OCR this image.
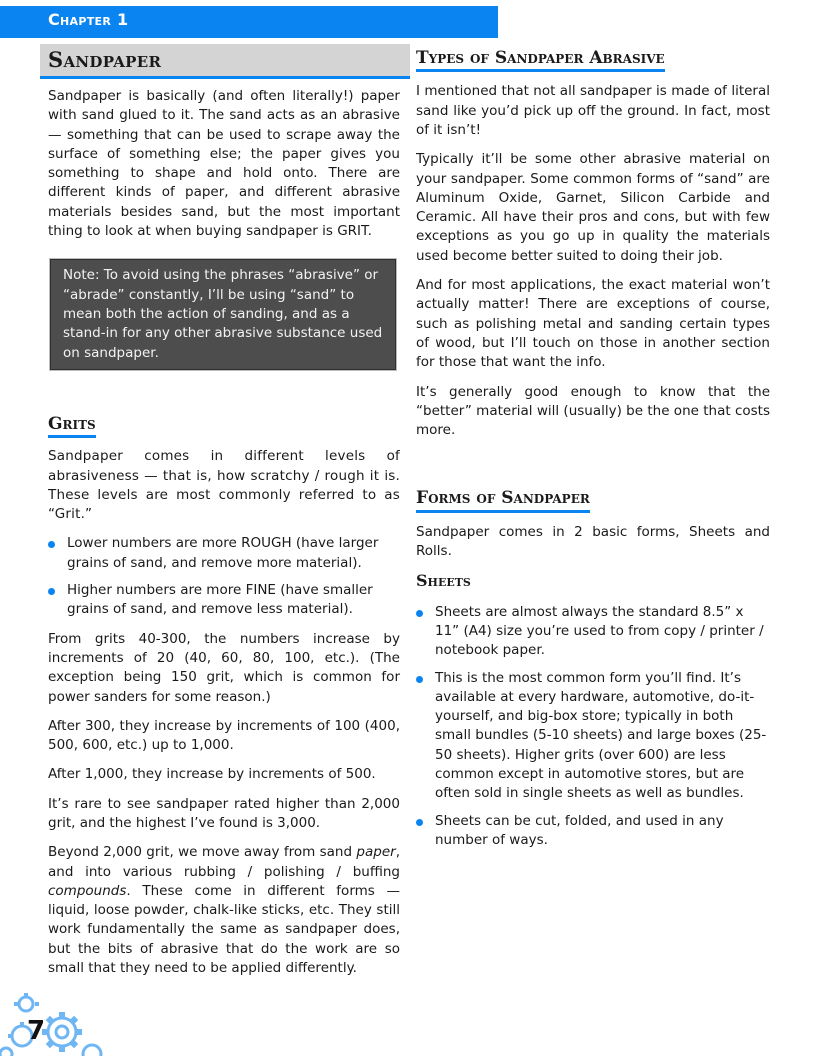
Chapter 1
Sandpaper

Sandpaper is basically (and often literally!) paper with sand glued to it. The sand acts as an abrasive — something that can be used to scrape away the surface of something else; the paper gives you something to shape and hold onto. There are different kinds of paper, and different abrasive materials besides sand, but the most important thing to look at when buying sandpaper is GRIT.

Note: To avoid using the phrases “abrasive” or “abrade” constantly, I’ll be using “sand” to mean both the action of sanding, and as a stand-in for any other abrasive substance used on sandpaper.
Grits

Sandpaper comes in different levels of abrasiveness — that is, how scratchy / rough it is. These levels are most commonly referred to as “Grit.”

Lower numbers are more ROUGH (have larger grains of sand, and remove more material).
Higher numbers are more FINE (have smaller grains of sand, and remove less material).

From grits 40-300, the numbers increase by increments of 20 (40, 60, 80, 100, etc.). (The exception being 150 grit, which is common for power sanders for some reason.)

After 300, they increase by increments of 100 (400, 500, 600, etc.) up to 1,000.

After 1,000, they increase by increments of 500.

It’s rare to see sandpaper rated higher than 2,000 grit, and the highest I’ve found is 3,000.

Beyond 2,000 grit, we move away from sand paper, and into various rubbing / polishing / buffing compounds. These come in different forms — liquid, loose powder, chalk-like sticks, etc. They still work fundamentally the same as sandpaper does, but the bits of abrasive that do the work are so small that they need to be applied differently.

Types of Sandpaper Abrasive

I mentioned that not all sandpaper is made of literal sand like you’d pick up off the ground. In fact, most of it isn’t!

Typically it’ll be some other abrasive material on your sandpaper. Some common forms of “sand” are Aluminum Oxide, Garnet, Silicon Carbide and Ceramic. All have their pros and cons, but with few exceptions as you go up in quality the materials used become better suited to doing their job.

And for most applications, the exact material won’t actually matter! There are exceptions of course, such as polishing metal and sanding certain types of wood, but I’ll touch on those in another section for those that want the info.

It’s generally good enough to know that the “better” material will (usually) be the one that costs more.

Forms of Sandpaper

Sandpaper comes in 2 basic forms, Sheets and Rolls.

Sheets
Sheets are almost always the standard 8.5” x 11” (A4) size you’re used to from copy / printer / notebook paper.
This is the most common form you’ll find. It’s available at every hardware, automotive, do-it-yourself, and big-box store; typically in both small bundles (5-10 sheets) and large boxes (25-50 sheets). Higher grits (over 600) are less common except in automotive stores, but are often sold in single sheets as well as bundles.
Sheets can be cut, folded, and used in any number of ways.
7
